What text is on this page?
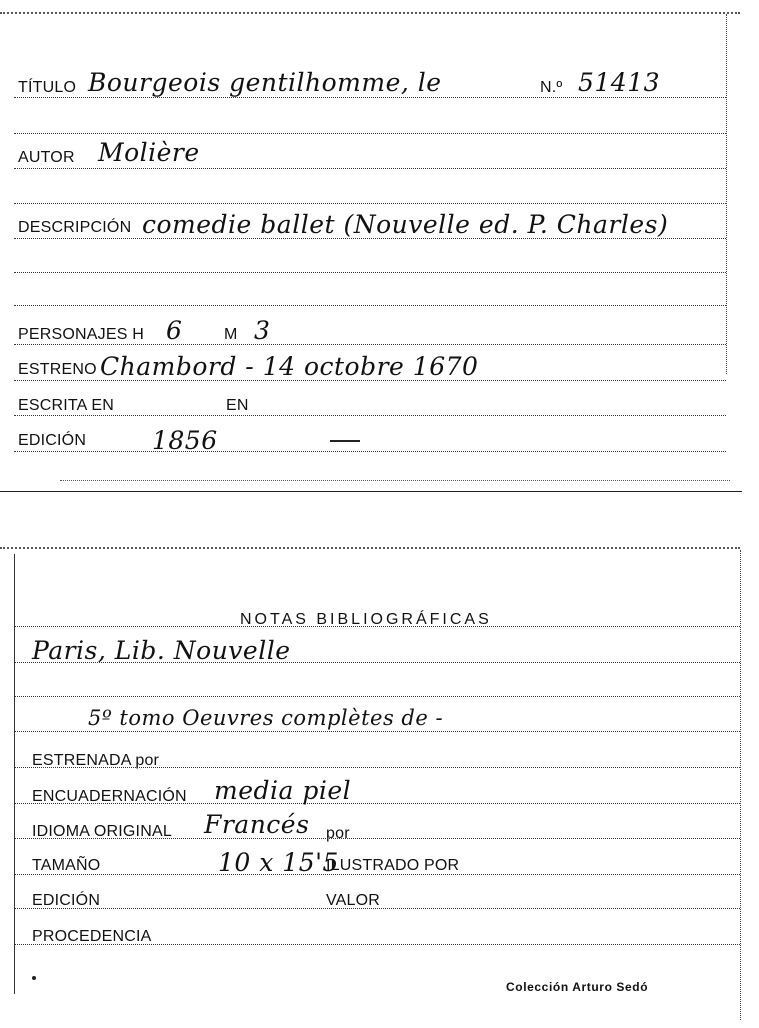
TÍTULO Bourgeois gentilhomme, le	N.º 51413
AUTOR Molière
DESCRIPCIÓN comedie ballet (Nouvelle ed. P. Charles)
PERSONAJES H 6	M 3
ESTRENO Chambord - 14 octobre 1670
ESCRITA EN	EN
EDICIÓN	1856
NOTAS BIBLIOGRÁFICAS
Paris, Lib. Nouvelle
5º tomo Oeuvres complètes de -
ESTRENADA por
ENCUADERNACIÓN media piel
IDIOMA ORIGINAL Francés por
TAMAÑO	10 x 15'5
ILUSTRADO POR
EDICIÓN	VALOR
PROCEDENCIA
Colección Arturo Sedó
